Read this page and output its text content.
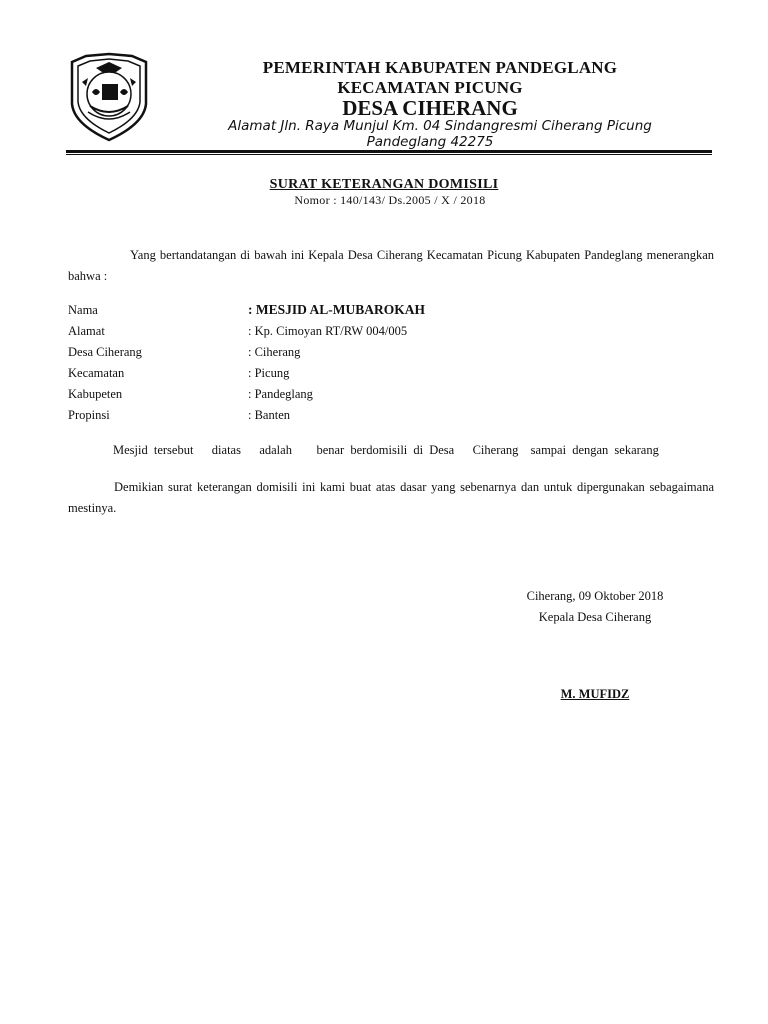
PEMERINTAH KABUPATEN PANDEGLANG
KECAMATAN PICUNG
DESA CIHERANG
Alamat Jln. Raya Munjul Km. 04 Sindangresmi Ciherang Picung
Pandeglang 42275
SURAT KETERANGAN DOMISILI
Nomor : 140/143/ Ds.2005 / X / 2018
Yang bertandatangan di bawah ini Kepala Desa Ciherang Kecamatan Picung Kabupaten Pandeglang menerangkan bahwa :
Nama	: MESJID AL-MUBAROKAH
Alamat	: Kp. Cimoyan RT/RW 004/005
Desa Ciherang	: Ciherang
Kecamatan	: Picung
Kabupeten	: Pandeglang
Propinsi	: Banten
Mesjid tersebut   diatas   adalah    benar berdomisili di Desa   Ciherang  sampai dengan sekarang
Demikian surat keterangan domisili ini kami buat atas dasar yang sebenarnya dan untuk dipergunakan sebagaimana mestinya.
Ciherang, 09 Oktober 2018
Kepala Desa Ciherang
M. MUFIDZ
